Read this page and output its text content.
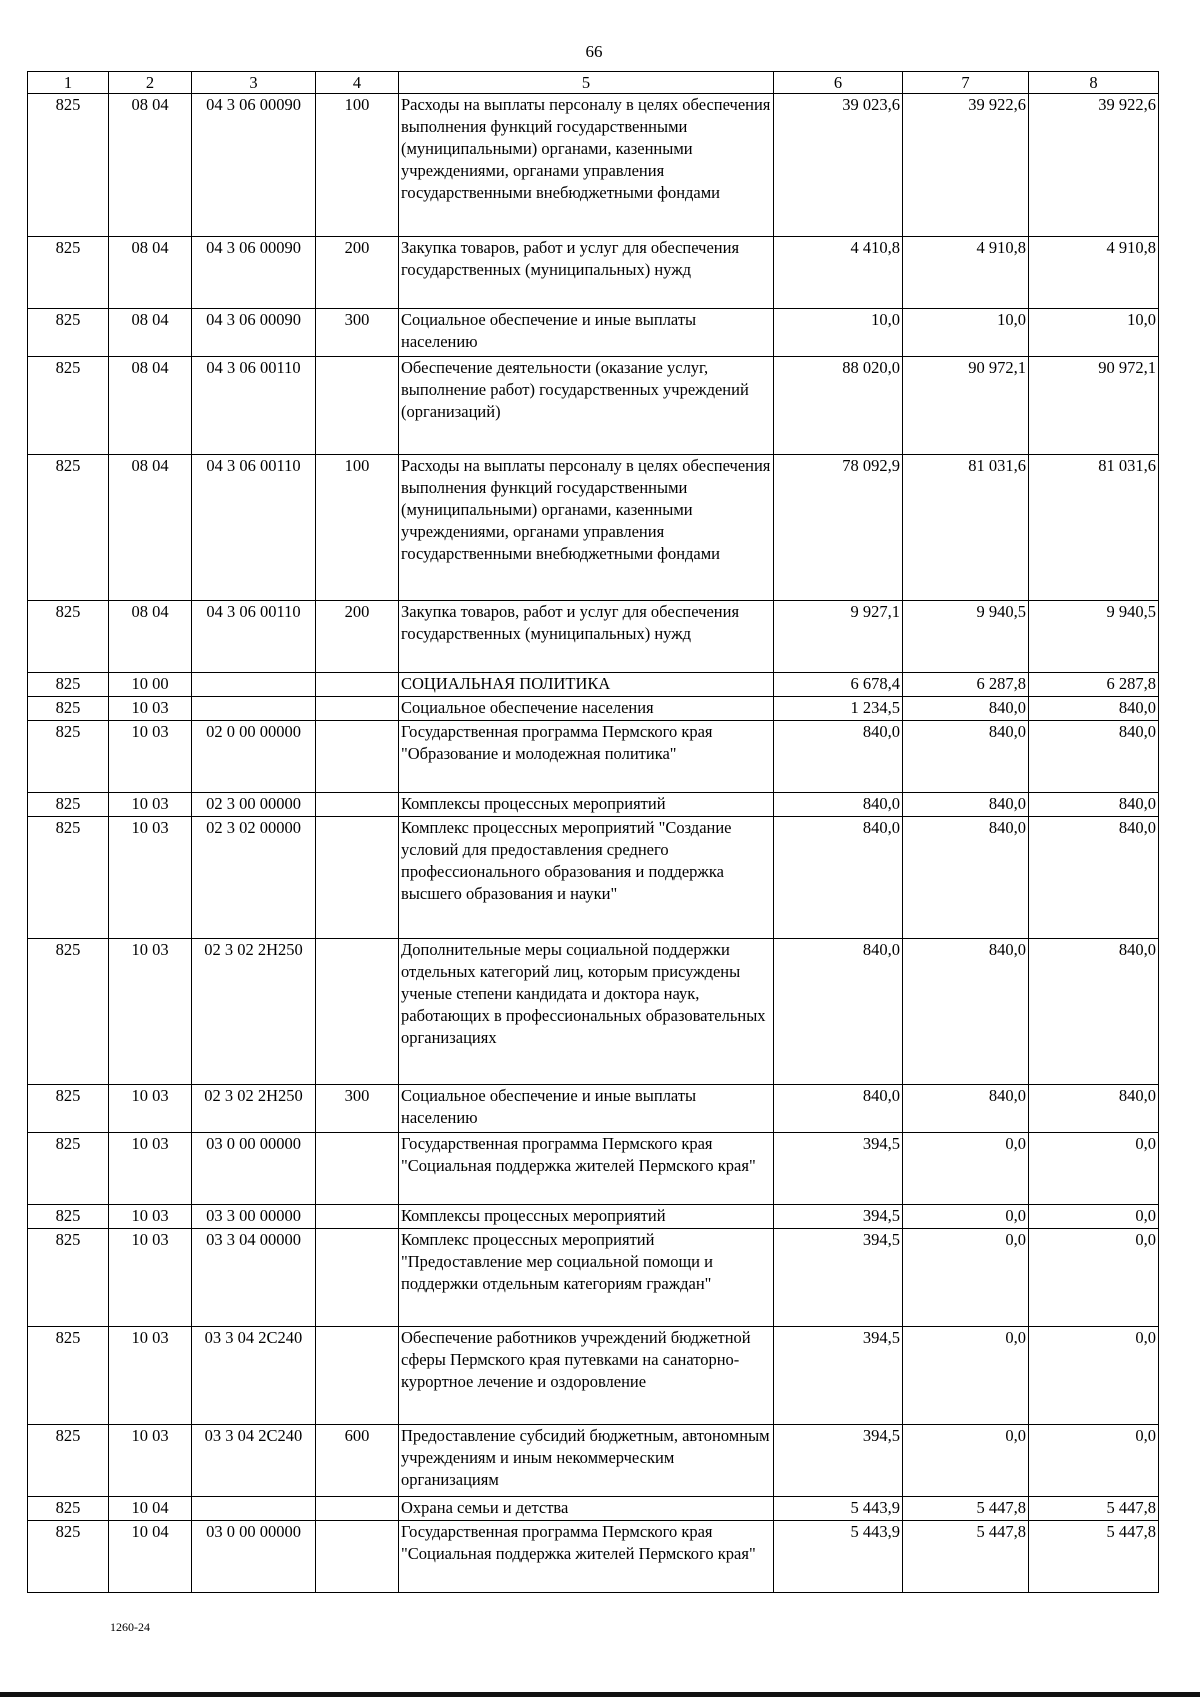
66
1	2	3	4	5	6	7	8
825	08 04	04 3 06 00090	100	Расходы на выплаты персоналу в целях обеспечения выполнения функций государственными (муниципальными) органами, казенными учреждениями, органами управления государственными внебюджетными фондами	39 023,6	39 922,6	39 922,6
825	08 04	04 3 06 00090	200	Закупка товаров, работ и услуг для обеспечения государственных (муниципальных) нужд	4 410,8	4 910,8	4 910,8
825	08 04	04 3 06 00090	300	Социальное обеспечение и иные выплаты населению	10,0	10,0	10,0
825	08 04	04 3 06 00110		Обеспечение деятельности (оказание услуг, выполнение работ) государственных учреждений (организаций)	88 020,0	90 972,1	90 972,1
825	08 04	04 3 06 00110	100	Расходы на выплаты персоналу в целях обеспечения выполнения функций государственными (муниципальными) органами, казенными учреждениями, органами управления государственными внебюджетными фондами	78 092,9	81 031,6	81 031,6
825	08 04	04 3 06 00110	200	Закупка товаров, работ и услуг для обеспечения государственных (муниципальных) нужд	9 927,1	9 940,5	9 940,5
825	10 00			СОЦИАЛЬНАЯ ПОЛИТИКА	6 678,4	6 287,8	6 287,8
825	10 03			Социальное обеспечение населения	1 234,5	840,0	840,0
825	10 03	02 0 00 00000		Государственная программа Пермского края "Образование и молодежная политика"	840,0	840,0	840,0
825	10 03	02 3 00 00000		Комплексы процессных мероприятий	840,0	840,0	840,0
825	10 03	02 3 02 00000		Комплекс процессных мероприятий "Создание условий для предоставления среднего профессионального образования и поддержка высшего образования и науки"	840,0	840,0	840,0
825	10 03	02 3 02 2Н250		Дополнительные меры социальной поддержки отдельных категорий лиц, которым присуждены ученые степени кандидата и доктора наук, работающих в профессиональных образовательных организациях	840,0	840,0	840,0
825	10 03	02 3 02 2Н250	300	Социальное обеспечение и иные выплаты населению	840,0	840,0	840,0
825	10 03	03 0 00 00000		Государственная программа Пермского края "Социальная поддержка жителей Пермского края"	394,5	0,0	0,0
825	10 03	03 3 00 00000		Комплексы процессных мероприятий	394,5	0,0	0,0
825	10 03	03 3 04 00000		Комплекс процессных мероприятий "Предоставление мер социальной помощи и поддержки отдельным категориям граждан"	394,5	0,0	0,0
825	10 03	03 3 04 2С240		Обеспечение работников учреждений бюджетной сферы Пермского края путевками на санаторно-курортное лечение и оздоровление	394,5	0,0	0,0
825	10 03	03 3 04 2С240	600	Предоставление субсидий бюджетным, автономным учреждениям и иным некоммерческим организациям	394,5	0,0	0,0
825	10 04			Охрана семьи и детства	5 443,9	5 447,8	5 447,8
825	10 04	03 0 00 00000		Государственная программа Пермского края "Социальная поддержка жителей Пермского края"	5 443,9	5 447,8	5 447,8
1260-24
